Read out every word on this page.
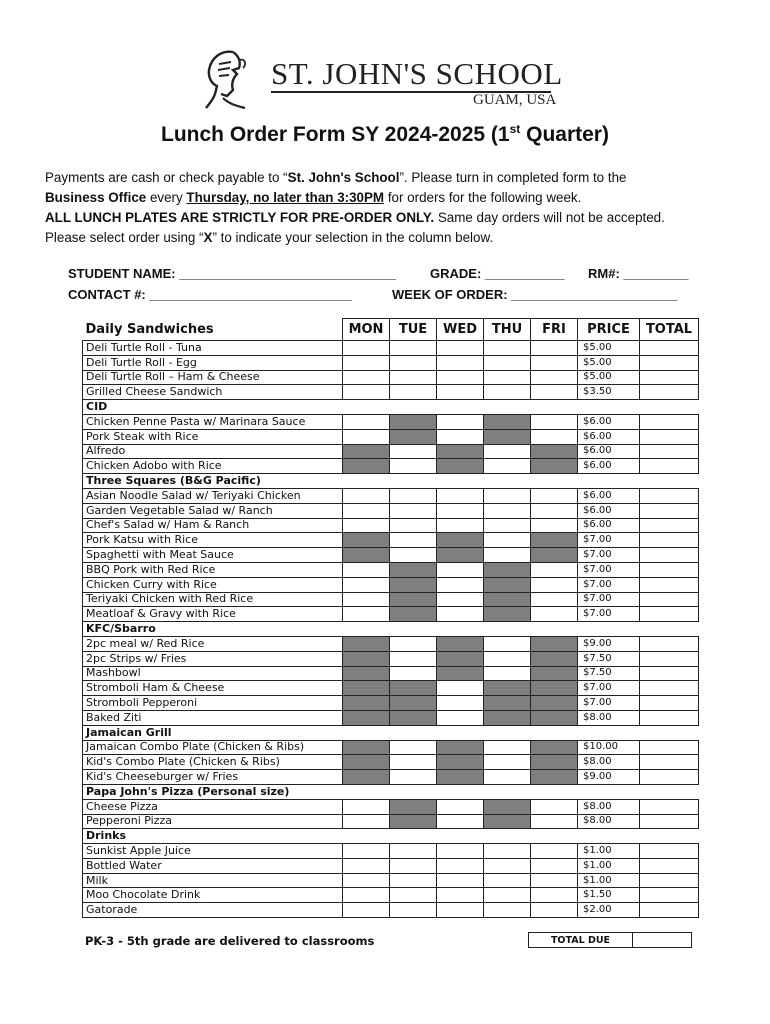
ST. JOHN'S SCHOOL
GUAM, USA
Lunch Order Form SY 2024-2025 (1st Quarter)
Payments are cash or check payable to “St. John's School”. Please turn in completed form to the
Business Office every Thursday, no later than 3:30PM for orders for the following week.
ALL LUNCH PLATES ARE STRICTLY FOR PRE-ORDER ONLY. Same day orders will not be accepted.
Please select order using “X” to indicate your selection in the column below.
STUDENT NAME: ______________________________	GRADE: ___________ RM#: _________
CONTACT #: ____________________________	WEEK OF ORDER: _______________________
Daily Sandwiches	MON	TUE	WED	THU	FRI	PRICE	TOTAL
Deli Turtle Roll - Tuna						$5.00	
Deli Turtle Roll - Egg						$5.00	
Deli Turtle Roll – Ham & Cheese						$5.00	
Grilled Cheese Sandwich						$3.50	
CID							
Chicken Penne Pasta w/ Marinara Sauce						$6.00	
Pork Steak with Rice						$6.00	
Alfredo						$6.00	
Chicken Adobo with Rice						$6.00	
Three Squares (B&G Pacific)							
Asian Noodle Salad w/ Teriyaki Chicken						$6.00	
Garden Vegetable Salad w/ Ranch						$6.00	
Chef's Salad w/ Ham & Ranch						$6.00	
Pork Katsu with Rice						$7.00	
Spaghetti with Meat Sauce						$7.00	
BBQ Pork with Red Rice						$7.00	
Chicken Curry with Rice						$7.00	
Teriyaki Chicken with Red Rice						$7.00	
Meatloaf & Gravy with Rice						$7.00	
KFC/Sbarro							
2pc meal w/ Red Rice						$9.00	
2pc Strips w/ Fries						$7.50	
Mashbowl						$7.50	
Stromboli Ham & Cheese						$7.00	
Stromboli Pepperoni						$7.00	
Baked Ziti						$8.00	
Jamaican Grill							
Jamaican Combo Plate (Chicken & Ribs)						$10.00	
Kid's Combo Plate (Chicken & Ribs)						$8.00	
Kid's Cheeseburger w/ Fries						$9.00	
Papa John's Pizza (Personal size)							
Cheese Pizza						$8.00	
Pepperoni Pizza						$8.00	
Drinks							
Sunkist Apple Juice						$1.00	
Bottled Water						$1.00	
Milk						$1.00	
Moo Chocolate Drink						$1.50	
Gatorade						$2.00	
PK-3 - 5th grade are delivered to classrooms	TOTAL DUE	
